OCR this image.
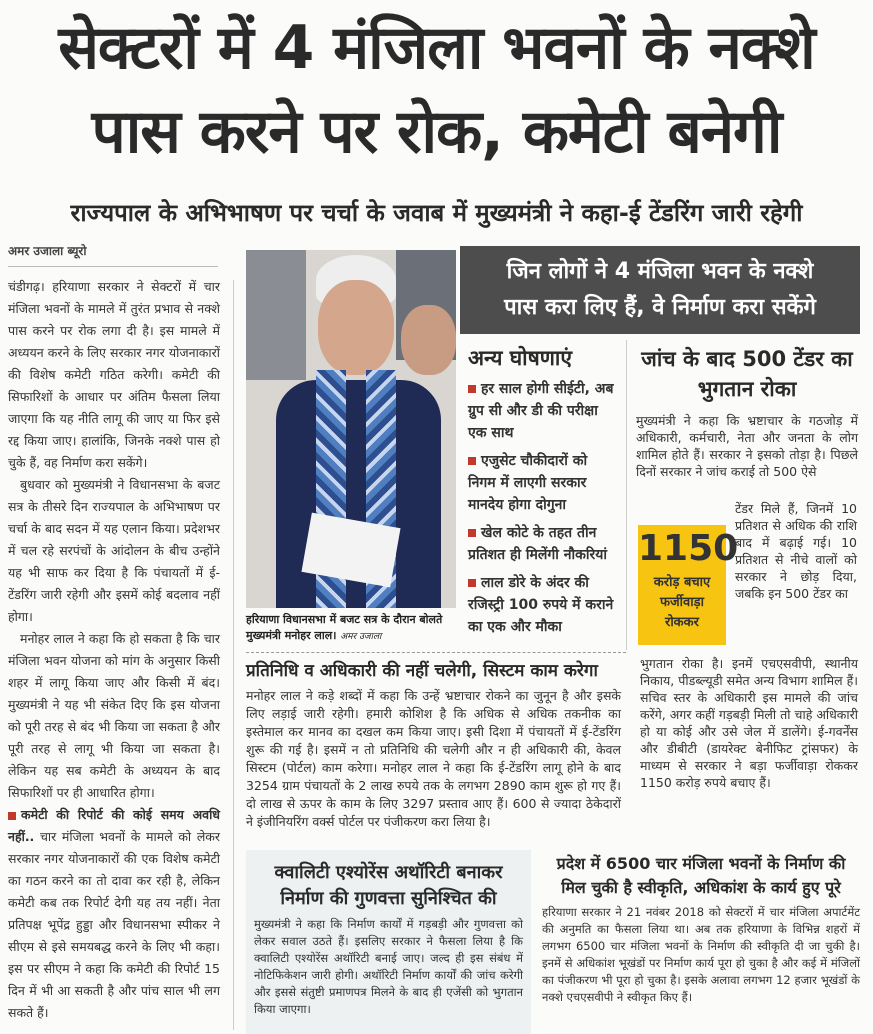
सेक्टरों में 4 मंजिला भवनों के नक्शे
पास करने पर रोक, कमेटी बनेगी
राज्यपाल के अभिभाषण पर चर्चा के जवाब में मुख्यमंत्री ने कहा-ई टेंडरिंग जारी रहेगी
अमर उजाला ब्यूरो

चंडीगढ़। हरियाणा सरकार ने सेक्टरों में चार मंजिला भवनों के मामले में तुरंत प्रभाव से नक्शे पास करने पर रोक लगा दी है। इस मामले में अध्ययन करने के लिए सरकार नगर योजनाकारों की विशेष कमेटी गठित करेगी। कमेटी की सिफारिशों के आधार पर अंतिम फैसला लिया जाएगा कि यह नीति लागू की जाए या फिर इसे रद्द किया जाए। हालांकि, जिनके नक्शे पास हो चुके हैं, वह निर्माण करा सकेंगे।

बुधवार को मुख्यमंत्री ने विधानसभा के बजट सत्र के तीसरे दिन राज्यपाल के अभिभाषण पर चर्चा के बाद सदन में यह एलान किया। प्रदेशभर में चल रहे सरपंचों के आंदोलन के बीच उन्होंने यह भी साफ कर दिया है कि पंचायतों में ई-टेंडरिंग जारी रहेगी और इसमें कोई बदलाव नहीं होगा।

मनोहर लाल ने कहा कि हो सकता है कि चार मंजिला भवन योजना को मांग के अनुसार किसी शहर में लागू किया जाए और किसी में बंद। मुख्यमंत्री ने यह भी संकेत दिए कि इस योजना को पूरी तरह से बंद भी किया जा सकता है और पूरी तरह से लागू भी किया जा सकता है। लेकिन यह सब कमेटी के अध्ययन के बाद सिफारिशों पर ही आधारित होगा।

कमेटी की रिपोर्ट की कोई समय अवधि नहीं.. चार मंजिला भवनों के मामले को लेकर सरकार नगर योजनाकारों की एक विशेष कमेटी का गठन करने का तो दावा कर रही है, लेकिन कमेटी कब तक रिपोर्ट देगी यह तय नहीं। नेता प्रतिपक्ष भूपेंद्र हुड्डा और विधानसभा स्पीकर ने सीएम से इसे समयबद्ध करने के लिए भी कहा। इस पर सीएम ने कहा कि कमेटी की रिपोर्ट 15 दिन में भी आ सकती है और पांच साल भी लग सकते हैं।

हरियाणा विधानसभा में बजट सत्र के दौरान बोलते मुख्यमंत्री मनोहर लाल। अमर उजाला
जिन लोगों ने 4 मंजिला भवन के नक्शे
पास करा लिए हैं, वे निर्माण करा सकेंगे
अन्य घोषणाएं

हर साल होगी सीईटी, अब ग्रुप सी और डी की परीक्षा एक साथ

एजुसेट चौकीदारों को निगम में लाएगी सरकार मानदेय होगा दोगुना

खेल कोटे के तहत तीन प्रतिशत ही मिलेंगी नौकरियां

लाल डोरे के अंदर की रजिस्ट्री 100 रुपये में कराने का एक और मौका

जांच के बाद 500 टेंडर का भुगतान रोका

मुख्यमंत्री ने कहा कि भ्रष्टाचार के गठजोड़ में अधिकारी, कर्मचारी, नेता और जनता के लोग शामिल होते हैं। सरकार ने इसको तोड़ा है। पिछले दिनों सरकार ने जांच कराई तो 500 ऐसे

1150
करोड़ बचाए फर्जीवाड़ा रोककर
टेंडर मिले हैं, जिनमें 10 प्रतिशत से अधिक की राशि बाद में बढ़ाई गई। 10 प्रतिशत से नीचे वालों को सरकार ने छोड़ दिया, जबकि इन 500 टेंडर का
भुगतान रोका है। इनमें एचएसवीपी, स्थानीय निकाय, पीडब्ल्यूडी समेत अन्य विभाग शामिल हैं। सचिव स्तर के अधिकारी इस मामले की जांच करेंगे, अगर कहीं गड़बड़ी मिली तो चाहे अधिकारी हो या कोई और उसे जेल में डालेंगे। ई-गवर्नेंस और डीबीटी (डायरेक्ट बेनीफिट ट्रांसफर) के माध्यम से सरकार ने बड़ा फर्जीवाड़ा रोककर 1150 करोड़ रुपये बचाए हैं।
प्रतिनिधि व अधिकारी की नहीं चलेगी, सिस्टम काम करेगा

मनोहर लाल ने कड़े शब्दों में कहा कि उन्हें भ्रष्टाचार रोकने का जुनून है और इसके लिए लड़ाई जारी रहेगी। हमारी कोशिश है कि अधिक से अधिक तकनीक का इस्तेमाल कर मानव का दखल कम किया जाए। इसी दिशा में पंचायतों में ई-टेंडरिंग शुरू की गई है। इसमें न तो प्रतिनिधि की चलेगी और न ही अधिकारी की, केवल सिस्टम (पोर्टल) काम करेगा। मनोहर लाल ने कहा कि ई-टेंडरिंग लागू होने के बाद 3254 ग्राम पंचायतों के 2 लाख रुपये तक के लगभग 2890 काम शुरू हो गए हैं। दो लाख से ऊपर के काम के लिए 3297 प्रस्ताव आए हैं। 600 से ज्यादा ठेकेदारों ने इंजीनियरिंग वर्क्स पोर्टल पर पंजीकरण करा लिया है।

क्वालिटी एश्योरेंस अथॉरिटी बनाकर निर्माण की गुणवत्ता सुनिश्चित की

मुख्यमंत्री ने कहा कि निर्माण कार्यों में गड़बड़ी और गुणवत्ता को लेकर सवाल उठते हैं। इसलिए सरकार ने फैसला लिया है कि क्वालिटी एश्योरेंस अथॉरिटी बनाई जाए। जल्द ही इस संबंध में नोटिफिकेशन जारी होगी। अथॉरिटी निर्माण कार्यों की जांच करेगी और इससे संतुष्टी प्रमाणपत्र मिलने के बाद ही एजेंसी को भुगतान किया जाएगा।

प्रदेश में 6500 चार मंजिला भवनों के निर्माण की मिल चुकी है स्वीकृति, अधिकांश के कार्य हुए पूरे

हरियाणा सरकार ने 21 नवंबर 2018 को सेक्टरों में चार मंजिला अपार्टमेंट की अनुमति का फैसला लिया था। अब तक हरियाणा के विभिन्न शहरों में लगभग 6500 चार मंजिला भवनों के निर्माण की स्वीकृति दी जा चुकी है। इनमें से अधिकांश भूखंडों पर निर्माण कार्य पूरा हो चुका है और कई में मंजिलों का पंजीकरण भी पूरा हो चुका है। इसके अलावा लगभग 12 हजार भूखंडों के नक्शे एचएसवीपी ने स्वीकृत किए हैं।
